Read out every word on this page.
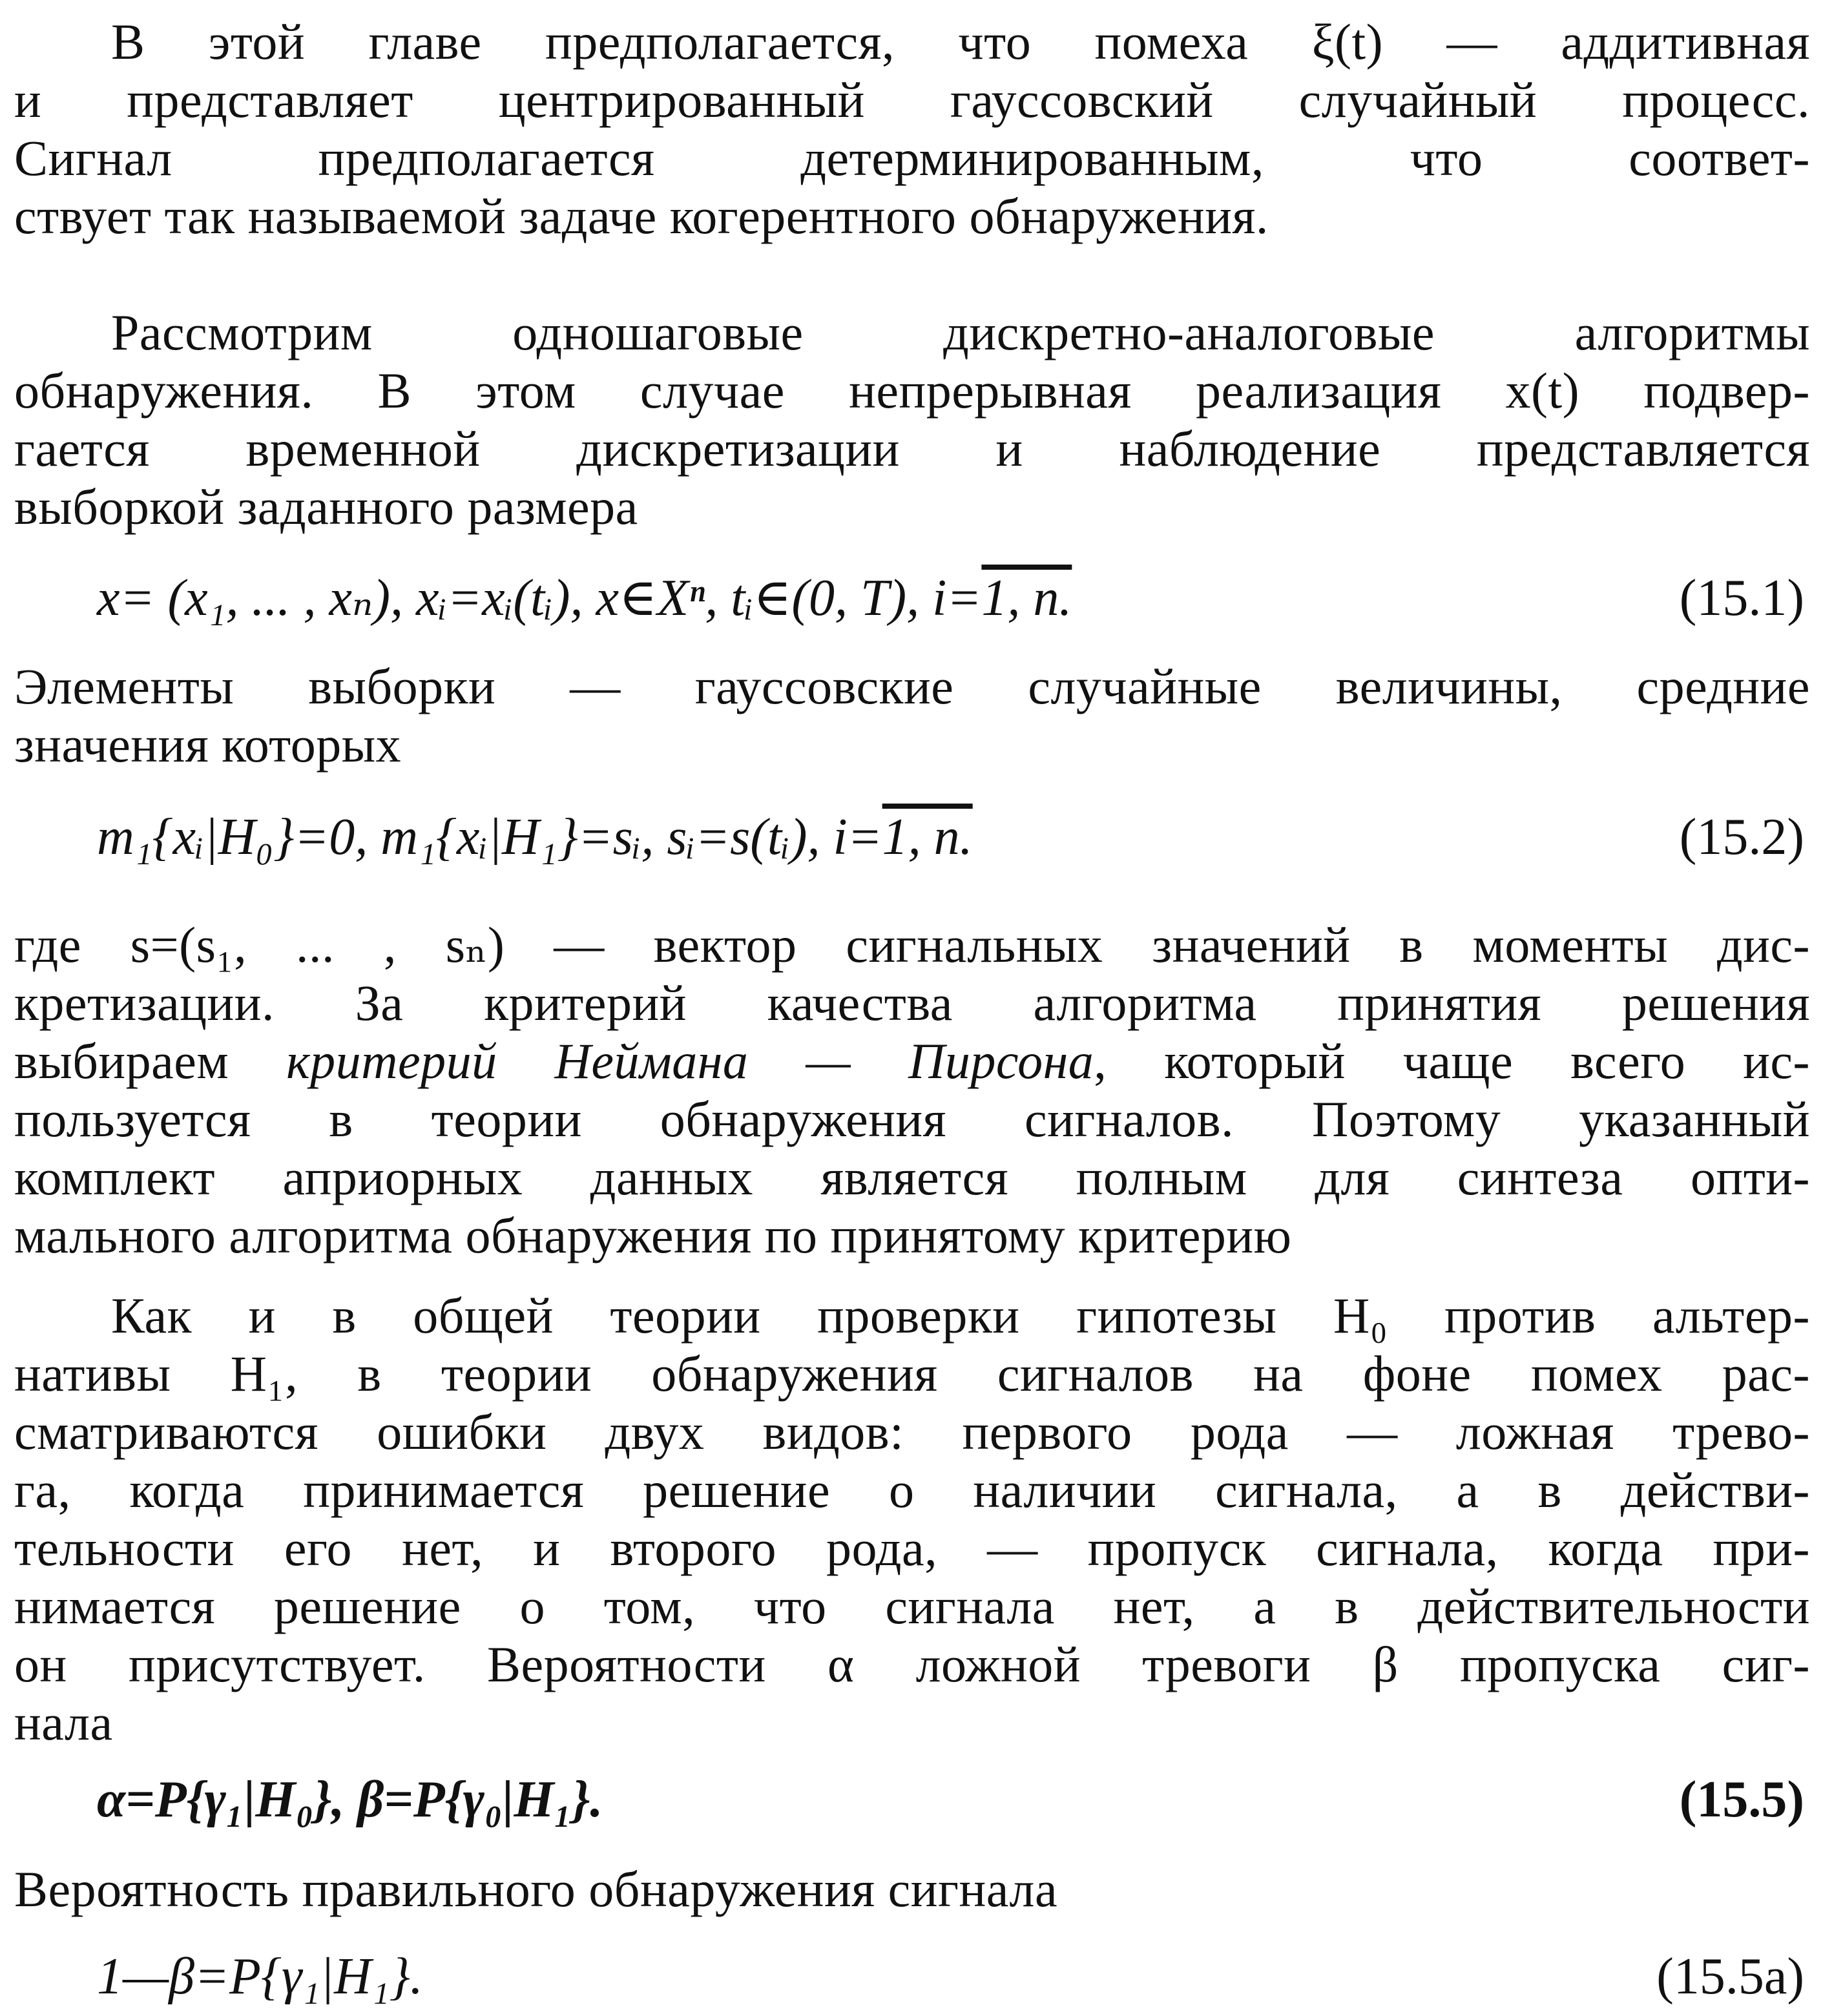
В этой главе предполагается, что помеха ξ(t) — аддитивная
и представляет центрированный гауссовский случайный процесс.
Сигнал предполагается детерминированным, что соответ-
ствует так называемой задаче когерентного обнаружения.
Рассмотрим одношаговые дискретно-аналоговые алгоритмы
обнаружения. В этом случае непрерывная реализация x(t) подвер-
гается временной дискретизации и наблюдение представляется
выборкой заданного размера
x= (x₁, ... , xₙ), xᵢ=xᵢ(tᵢ), x∈Xⁿ, tᵢ∈(0, T), i=1, n.	(15.1)
Элементы выборки — гауссовские случайные величины, средние
значения которых
m₁{xᵢ|H₀}=0, m₁{xᵢ|H₁}=sᵢ, sᵢ=s(tᵢ), i=1, n.	(15.2)
где s=(s₁, ... , sₙ) — вектор сигнальных значений в моменты дис-
кретизации. За критерий качества алгоритма принятия решения
выбираем критерий Неймана — Пирсона, который чаще всего ис-
пользуется в теории обнаружения сигналов. Поэтому указанный
комплект априорных данных является полным для синтеза опти-
мального алгоритма обнаружения по принятому критерию
Как и в общей теории проверки гипотезы H₀ против альтер-
нативы H₁, в теории обнаружения сигналов на фоне помех рас-
сматриваются ошибки двух видов: первого рода — ложная трево-
га, когда принимается решение о наличии сигнала, а в действи-
тельности его нет, и второго рода, — пропуск сигнала, когда при-
нимается решение о том, что сигнала нет, а в действительности
он присутствует. Вероятности α ложной тревоги β пропуска сиг-
нала
α=P{γ₁|H₀}, β=P{γ₀|H₁}.	(15.5)
Вероятность правильного обнаружения сигнала
1—β=P{γ₁|H₁}.	(15.5а)
